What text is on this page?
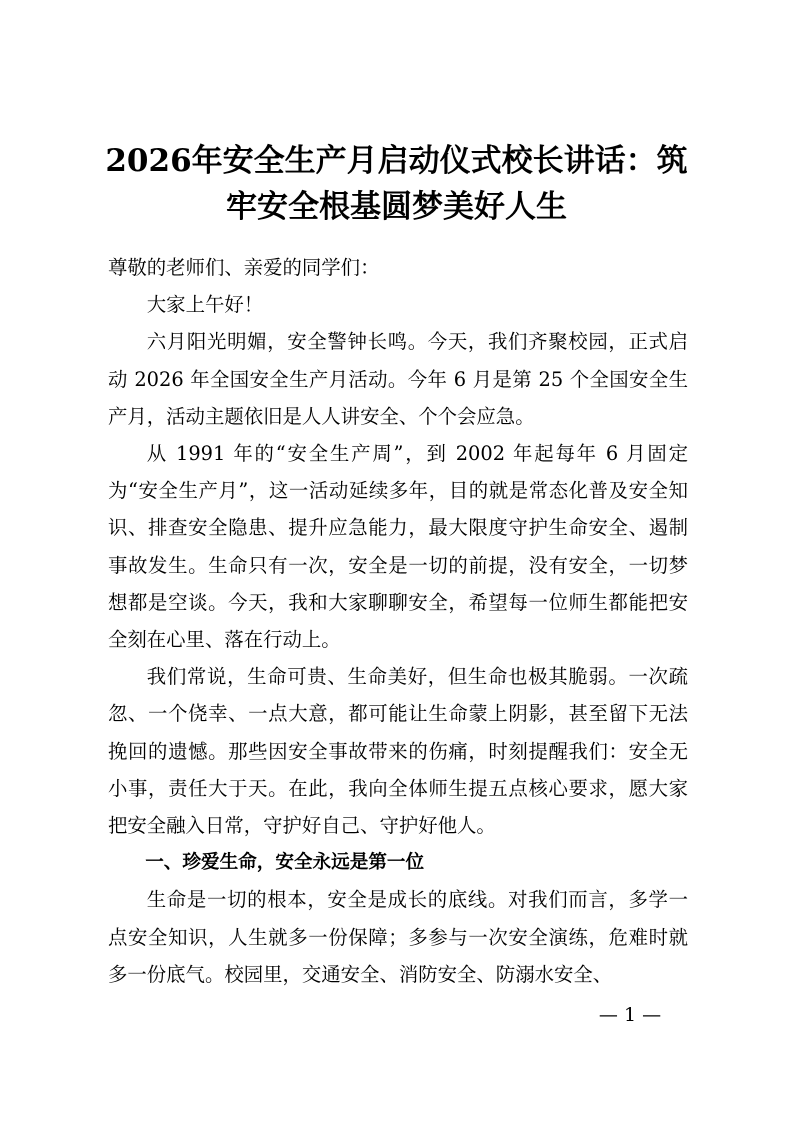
2026年安全生产月启动仪式校长讲话：筑
牢安全根基圆梦美好人生

尊敬的老师们、亲爱的同学们：

大家上午好！

六月阳光明媚，安全警钟长鸣。今天，我们齐聚校园，正式启动 2026 年全国安全生产月活动。今年 6 月是第 25 个全国安全生产月，活动主题依旧是人人讲安全、个个会应急。

从 1991 年的“安全生产周”，到 2002 年起每年 6 月固定为“安全生产月”，这一活动延续多年，目的就是常态化普及安全知识、排查安全隐患、提升应急能力，最大限度守护生命安全、遏制事故发生。生命只有一次，安全是一切的前提，没有安全，一切梦想都是空谈。今天，我和大家聊聊安全，希望每一位师生都能把安全刻在心里、落在行动上。

我们常说，生命可贵、生命美好，但生命也极其脆弱。一次疏忽、一个侥幸、一点大意，都可能让生命蒙上阴影，甚至留下无法挽回的遗憾。那些因安全事故带来的伤痛，时刻提醒我们：安全无小事，责任大于天。在此，我向全体师生提五点核心要求，愿大家把安全融入日常，守护好自己、守护好他人。

一、珍爱生命，安全永远是第一位

生命是一切的根本，安全是成长的底线。对我们而言，多学一点安全知识，人生就多一份保障；多参与一次安全演练，危难时就多一份底气。校园里，交通安全、消防安全、防溺水安全、

— 1 —
